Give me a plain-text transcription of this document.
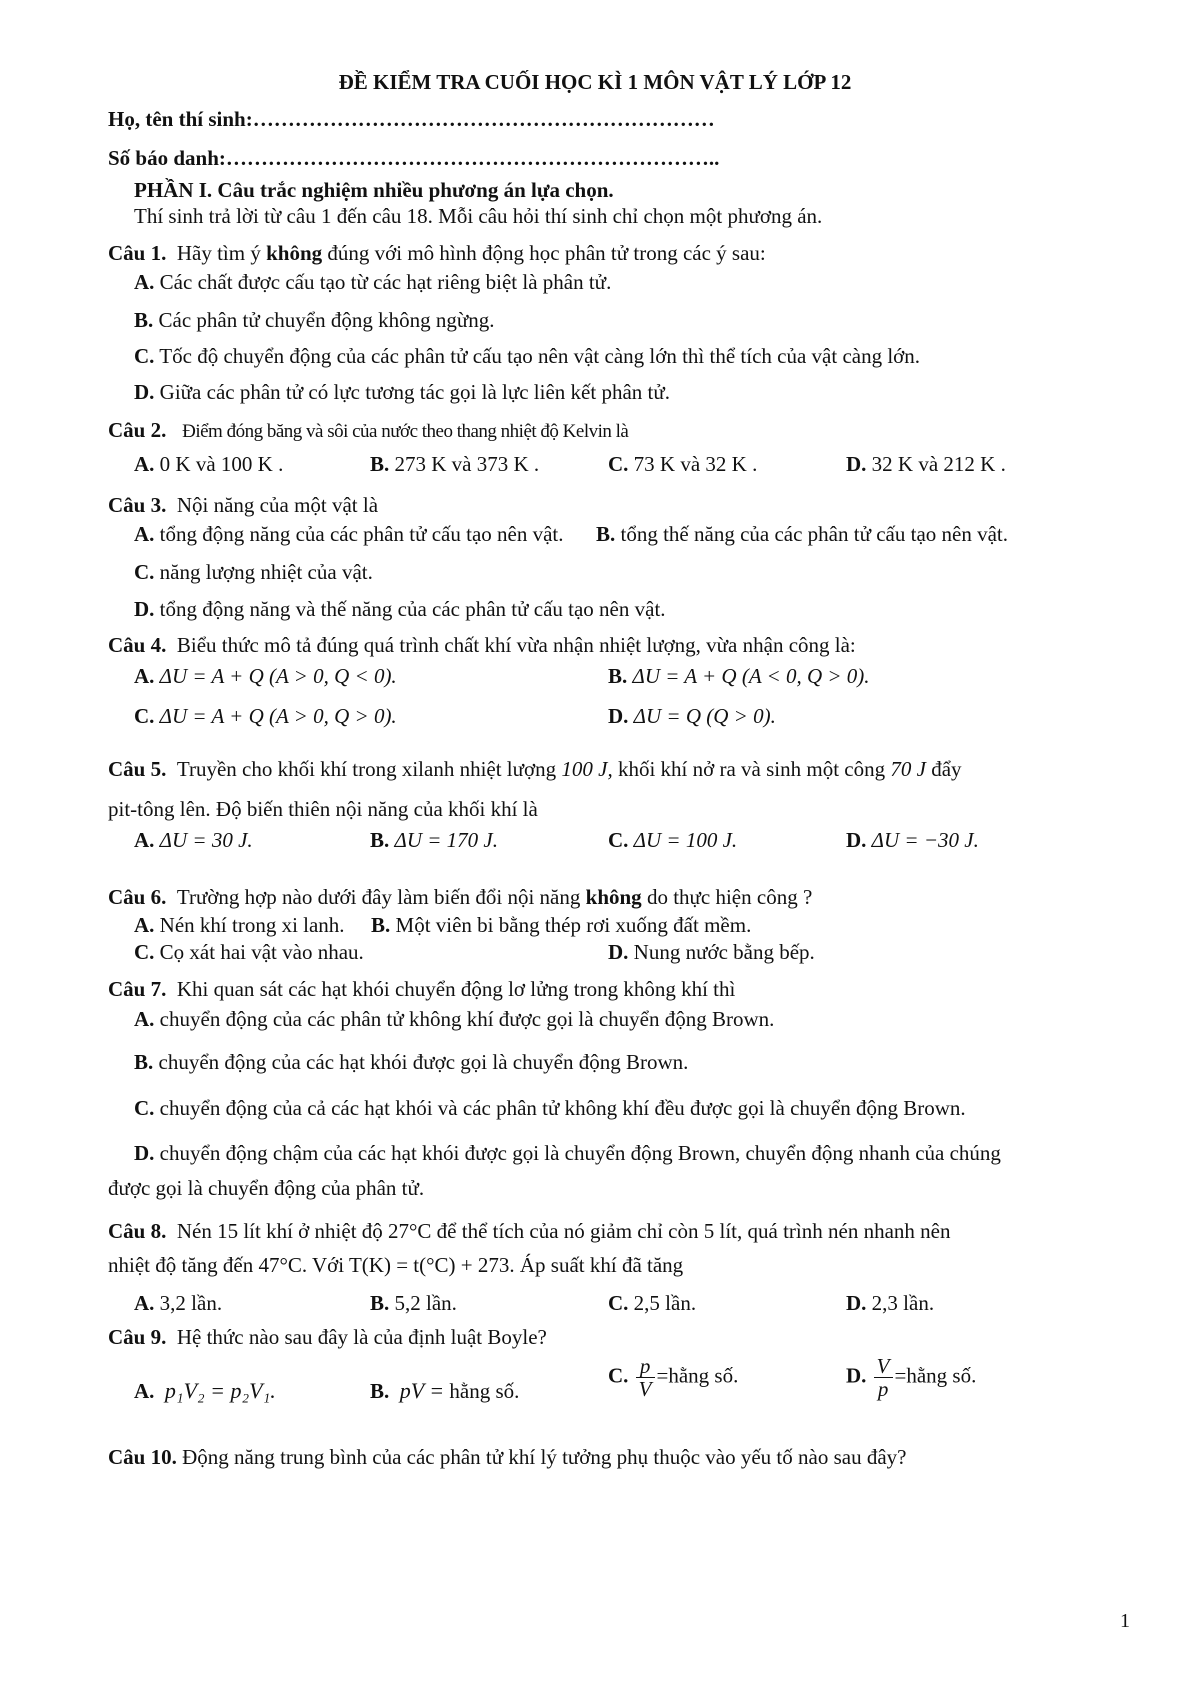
ĐỀ KIỂM TRA CUỐI HỌC KÌ 1 MÔN VẬT LÝ LỚP 12
Họ, tên thí sinh:…………………………………………………………
Số báo danh:……………………………………………………………..
PHẦN I. Câu trắc nghiệm nhiều phương án lựa chọn.
Thí sinh trả lời từ câu 1 đến câu 18. Mỗi câu hỏi thí sinh chỉ chọn một phương án.
Câu 1. Hãy tìm ý không đúng với mô hình động học phân tử trong các ý sau:
A. Các chất được cấu tạo từ các hạt riêng biệt là phân tử.
B. Các phân tử chuyển động không ngừng.
C. Tốc độ chuyển động của các phân tử cấu tạo nên vật càng lớn thì thể tích của vật càng lớn.
D. Giữa các phân tử có lực tương tác gọi là lực liên kết phân tử.
Câu 2. Điểm đóng băng và sôi của nước theo thang nhiệt độ Kelvin là
A. 0 K và 100 K .	B. 273 K và 373 K .	C. 73 K và 32 K .	D. 32 K và 212 K .
Câu 3. Nội năng của một vật là
A. tổng động năng của các phân tử cấu tạo nên vật. B. tổng thế năng của các phân tử cấu tạo nên vật.
C. năng lượng nhiệt của vật.
D. tổng động năng và thế năng của các phân tử cấu tạo nên vật.
Câu 4. Biểu thức mô tả đúng quá trình chất khí vừa nhận nhiệt lượng, vừa nhận công là:
A. ΔU = A + Q (A > 0, Q < 0).	B. ΔU = A + Q (A < 0, Q > 0).
C. ΔU = A + Q (A > 0, Q > 0).	D. ΔU = Q (Q > 0).
Câu 5. Truyền cho khối khí trong xilanh nhiệt lượng 100 J, khối khí nở ra và sinh một công 70 J đẩy
pit-tông lên. Độ biến thiên nội năng của khối khí là
A. ΔU = 30 J.	B. ΔU = 170 J.	C. ΔU = 100 J.	D. ΔU = −30 J.
Câu 6. Trường hợp nào dưới đây làm biến đổi nội năng không do thực hiện công ?
A. Nén khí trong xi lanh. B. Một viên bi bằng thép rơi xuống đất mềm.
C. Cọ xát hai vật vào nhau.	D. Nung nước bằng bếp.
Câu 7. Khi quan sát các hạt khói chuyển động lơ lửng trong không khí thì
A. chuyển động của các phân tử không khí được gọi là chuyển động Brown.
B. chuyển động của các hạt khói được gọi là chuyển động Brown.
C. chuyển động của cả các hạt khói và các phân tử không khí đều được gọi là chuyển động Brown.
D. chuyển động chậm của các hạt khói được gọi là chuyển động Brown, chuyển động nhanh của chúng
được gọi là chuyển động của phân tử.
Câu 8. Nén 15 lít khí ở nhiệt độ 27°C để thể tích của nó giảm chỉ còn 5 lít, quá trình nén nhanh nên
nhiệt độ tăng đến 47°C. Với T(K) = t(°C) + 273. Áp suất khí đã tăng
A. 3,2 lần.	B. 5,2 lần.	C. 2,5 lần.	D. 2,3 lần.
Câu 9. Hệ thức nào sau đây là của định luật Boyle?
A. p₁V₂ = p₂V₁.	B. pV = hằng số.
C. $\frac{p}{V}$ =hằng số.	D. $\frac{V}{p}$ =hằng số.
Câu 10. Động năng trung bình của các phân tử khí lý tưởng phụ thuộc vào yếu tố nào sau đây?
1
